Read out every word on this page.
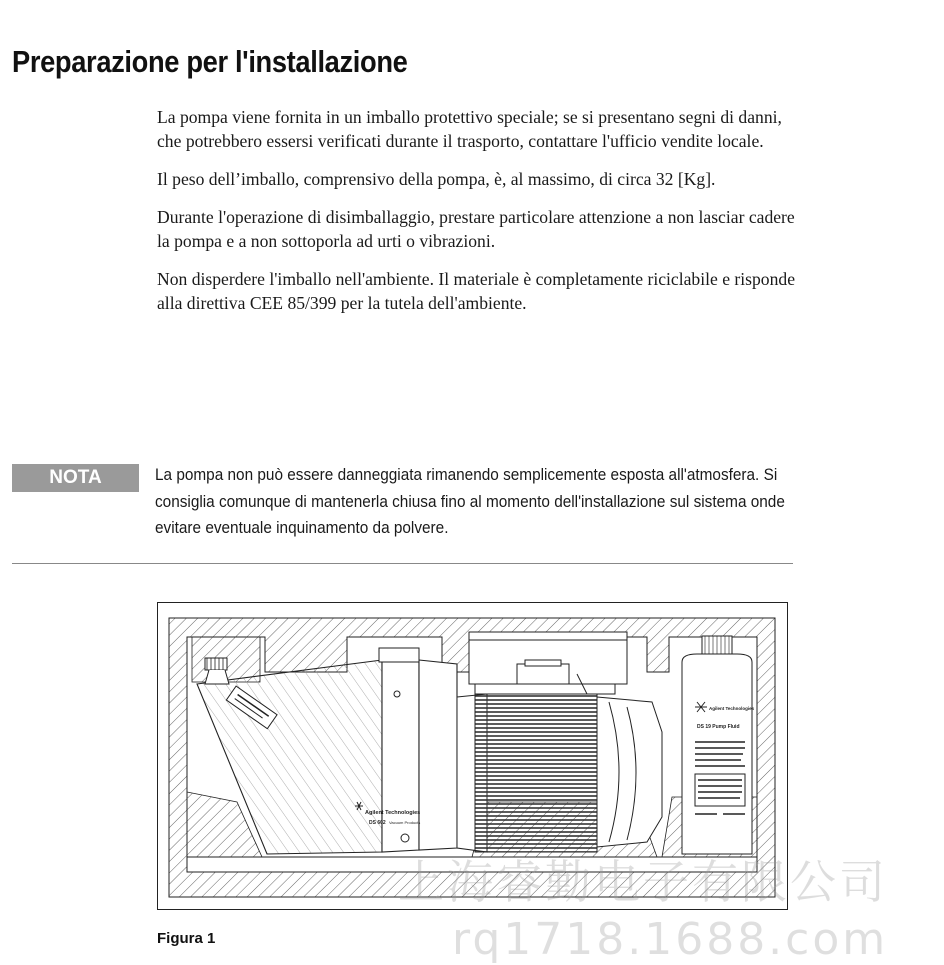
Preparazione per l'installazione

La pompa viene fornita in un imballo protettivo speciale; se si presentano segni di danni, che potrebbero essersi verificati durante il trasporto, contattare l'ufficio vendite locale.

Il peso dell’imballo, comprensivo della pompa, è, al massimo, di circa 32 [Kg].

Durante l'operazione di disimballaggio, prestare particolare attenzione a non lasciar cadere la pompa e a non sottoporla ad urti o vibrazioni.

Non disperdere l'imballo nell'ambiente. Il materiale è completamente riciclabile e risponde alla direttiva CEE 85/399 per la tutela dell'ambiente.

NOTA	La pompa non può essere danneggiata rimanendo semplicemente esposta all'atmosfera. Si consiglia comunque di mantenerla chiusa fino al momento dell'installazione sul sistema onde evitare eventuale inquinamento da polvere.
Agilent Technologies
DS 602 Vacuum Products
Agilent Technologies
DS 19 Pump Fluid
Figura 1
上海睿勤电子有限公司
rq1718.1688.com
